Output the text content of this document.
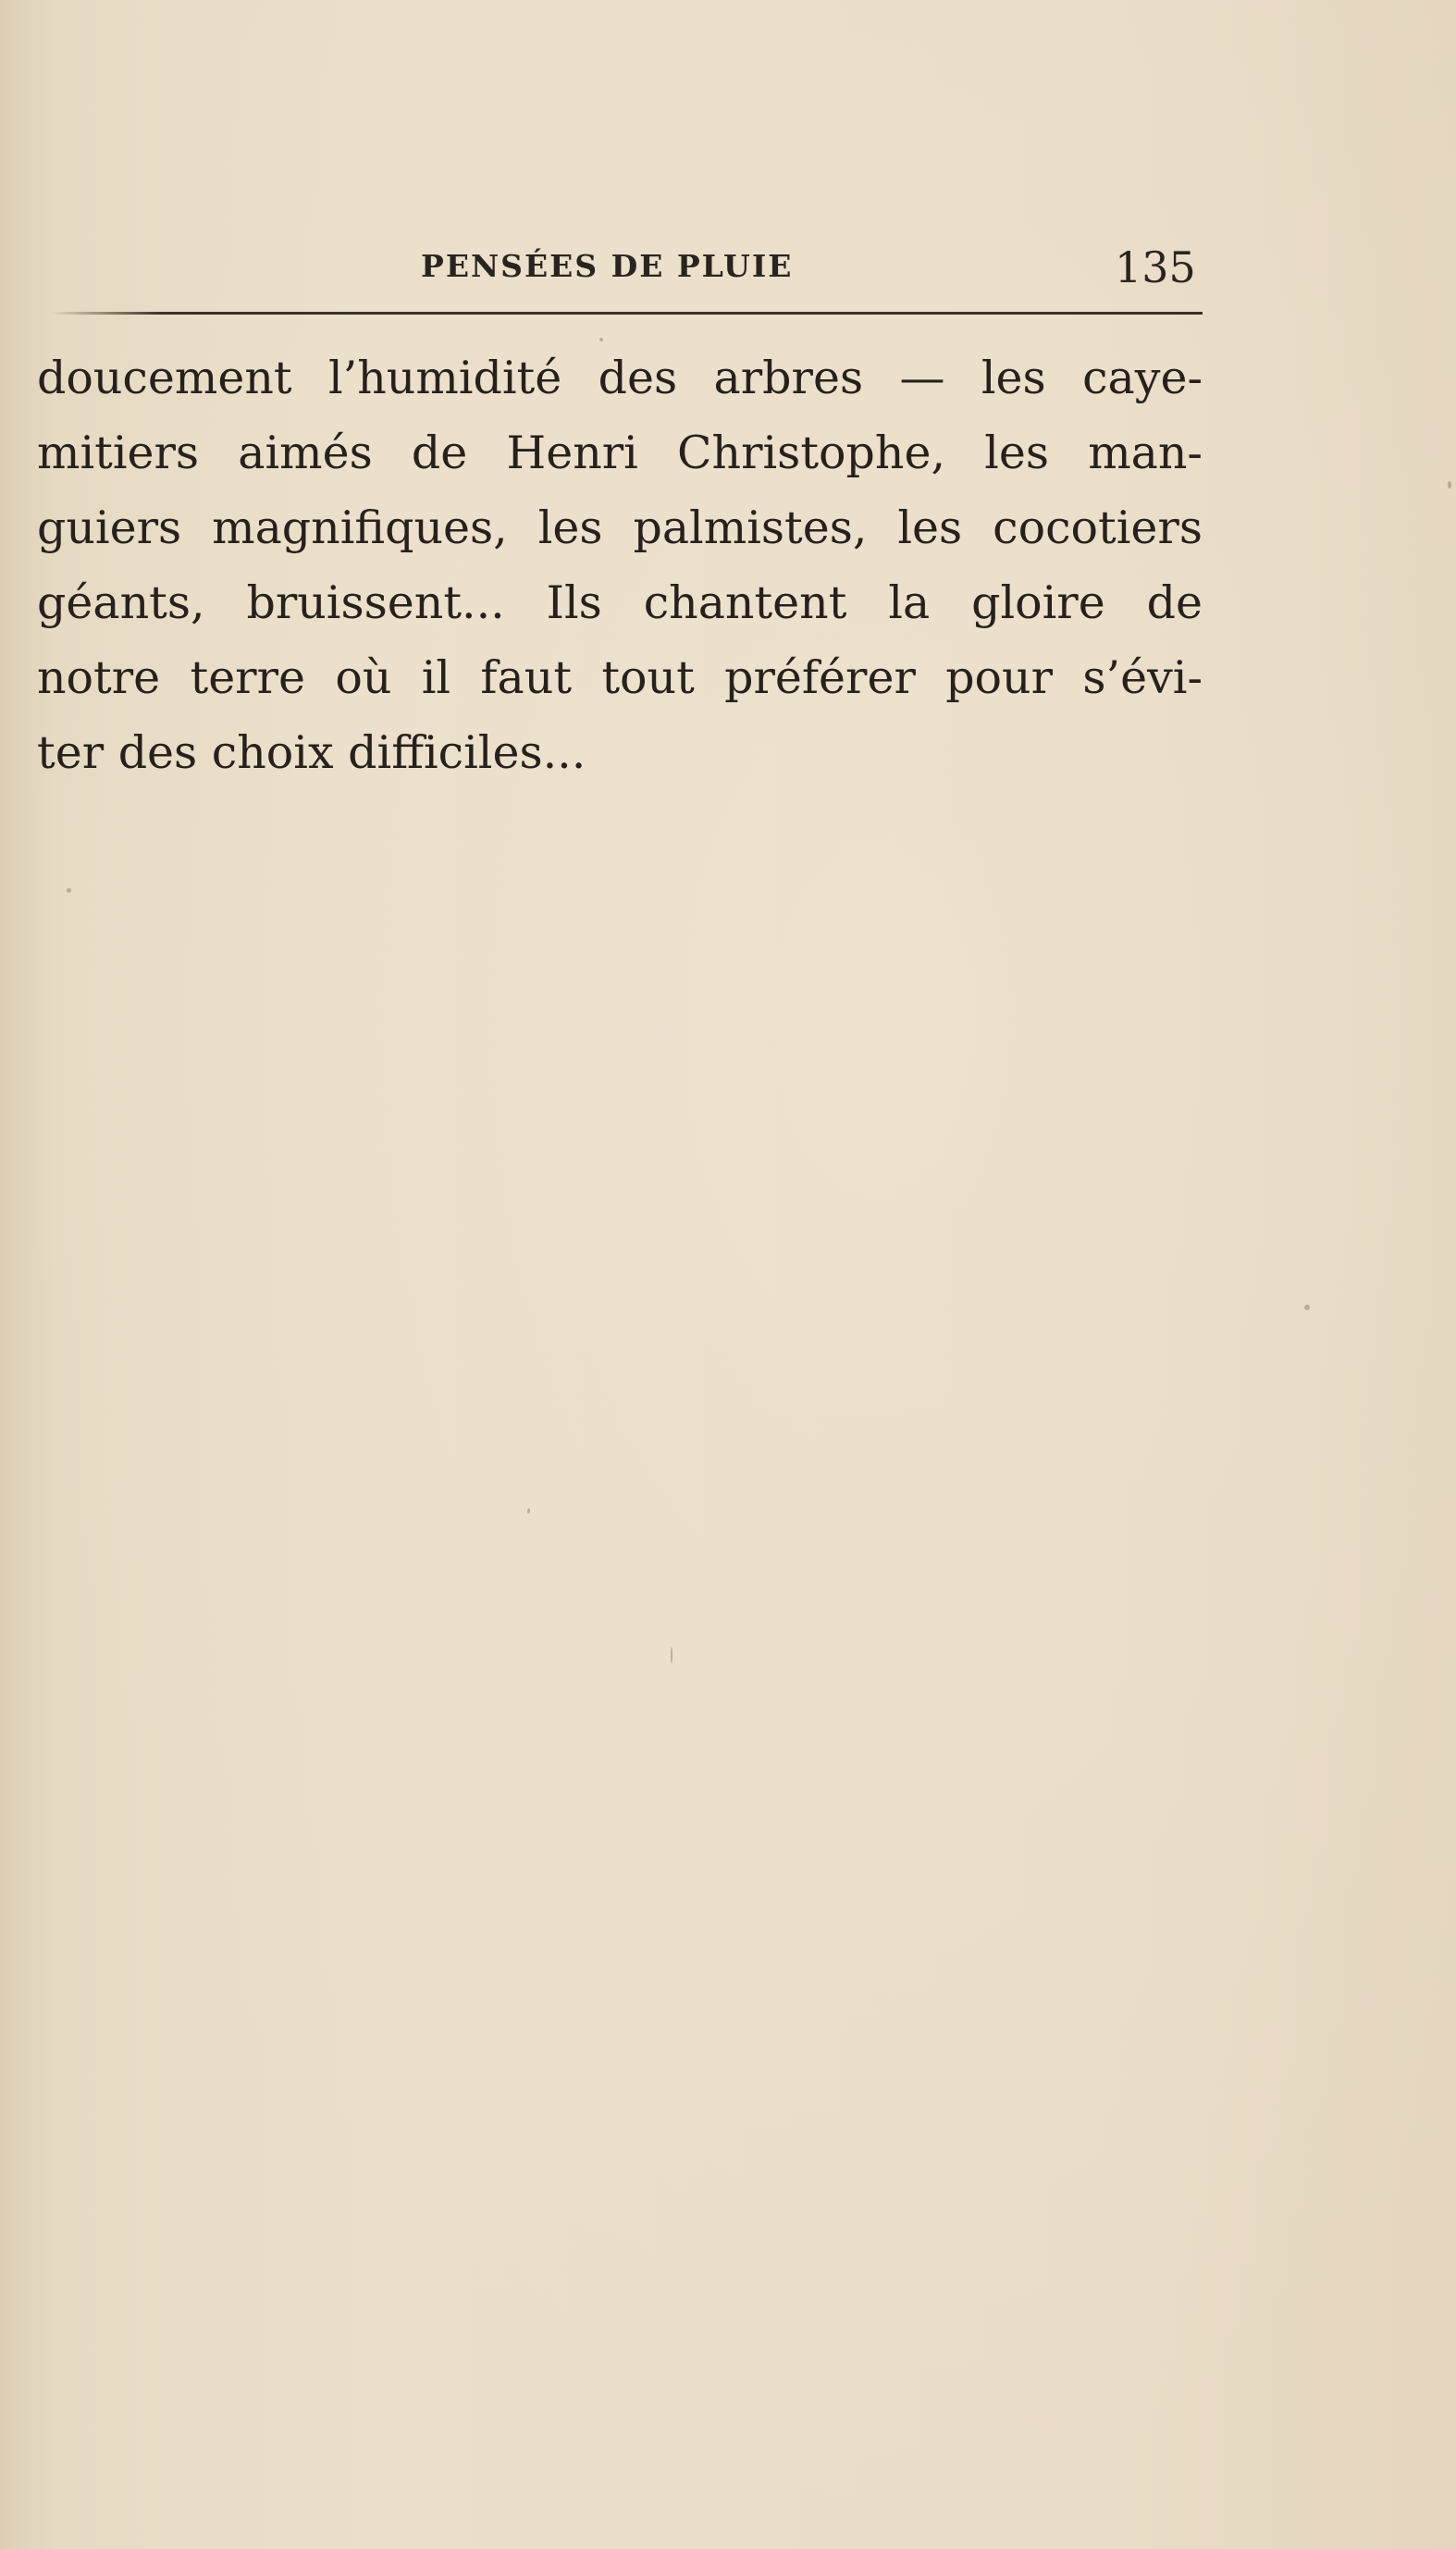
PENSÉES DE PLUIE	135
doucement l’humidité des arbres — les caye-
mitiers aimés de Henri Christophe, les man-
guiers magnifiques, les palmistes, les cocotiers
géants, bruissent... Ils chantent la gloire de
notre terre où il faut tout préférer pour s’évi-
ter des choix difficiles...
